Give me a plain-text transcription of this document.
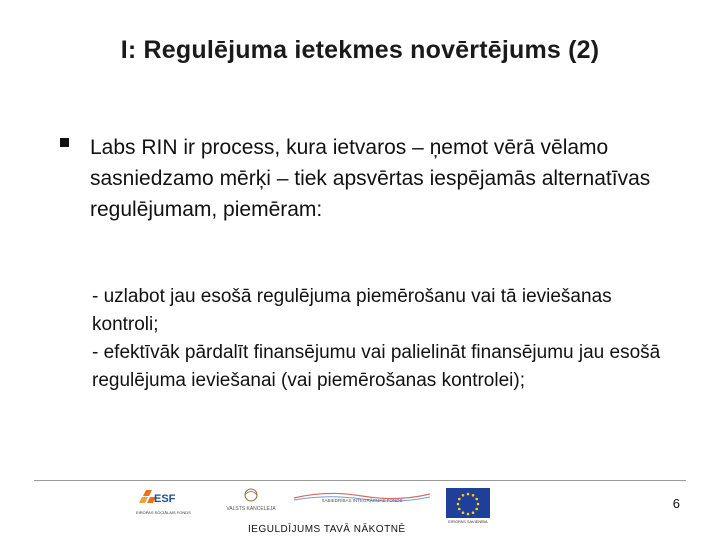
I: Regulējuma ietekmes novērtējums (2)
Labs RIN ir process, kura ietvaros – ņemot vērā vēlamo sasniedzamo mērķi – tiek apsvērtas iespējamās alternatīvas regulējumam, piemēram:

- uzlabot jau esošā regulējuma piemērošanu vai tā ieviešanas kontroli;

- efektīvāk pārdalīt finansējumu vai palielināt finansējumu jau esošā regulējuma ieviešanai (vai piemērošanas kontrolei);

6
ESF
EIROPAS SOCIĀLAIS FONDS
VALSTS KANCELEJA
SABIEDRĪBAS INTEGRĀCIJAS FONDS
EIROPAS SAVIENĪBA
IEGULDĪJUMS TAVĀ NĀKOTNĒ
